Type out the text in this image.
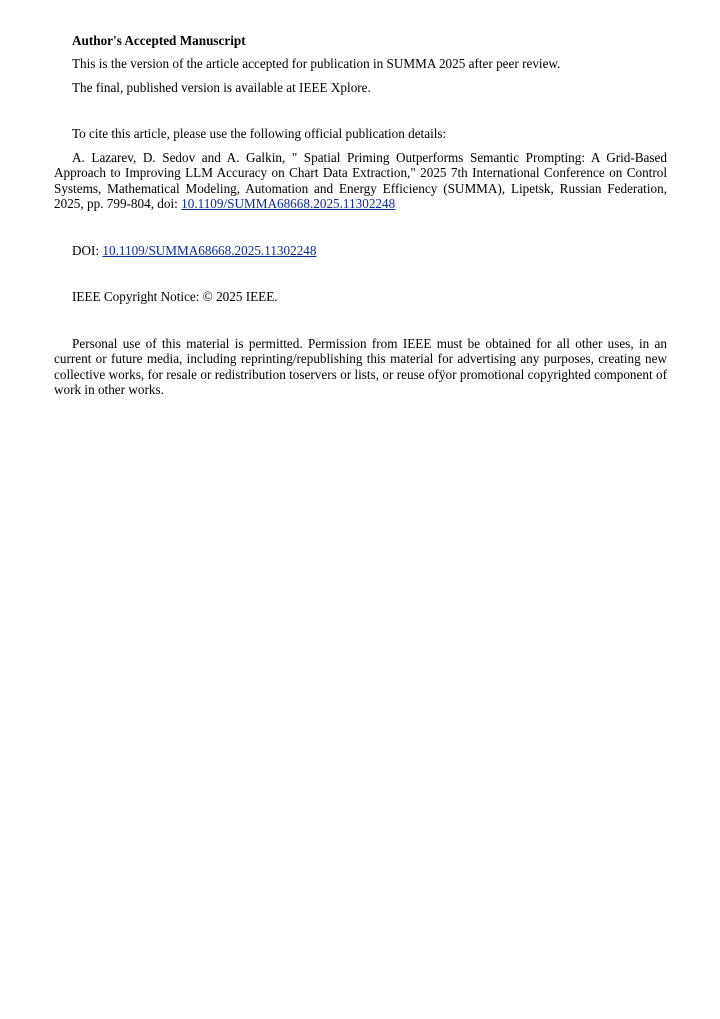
Author's Accepted Manuscript

This is the version of the article accepted for publication in SUMMA 2025 after peer review.

The final, published version is available at IEEE Xplore.

To cite this article, please use the following official publication details:

A. Lazarev, D. Sedov and A. Galkin, " Spatial Priming Outperforms Semantic Prompting: A Grid-Based Approach to Improving LLM Accuracy on Chart Data Extraction," 2025 7th International Conference on Control Systems, Mathematical Modeling, Automation and Energy Efficiency (SUMMA), Lipetsk, Russian Federation, 2025, pp. 799-804, doi: 10.1109/SUMMA68668.2025.11302248

DOI: 10.1109/SUMMA68668.2025.11302248

IEEE Copyright Notice: © 2025 IEEE.

Personal use of this material is permitted. Permission from IEEE must be obtained for all other uses, in an current or future media, including reprinting/republishing this material for advertising any purposes, creating new collective works, for resale or redistribution toservers or lists, or reuse ofÿor promotional copyrighted component of work in other works.
